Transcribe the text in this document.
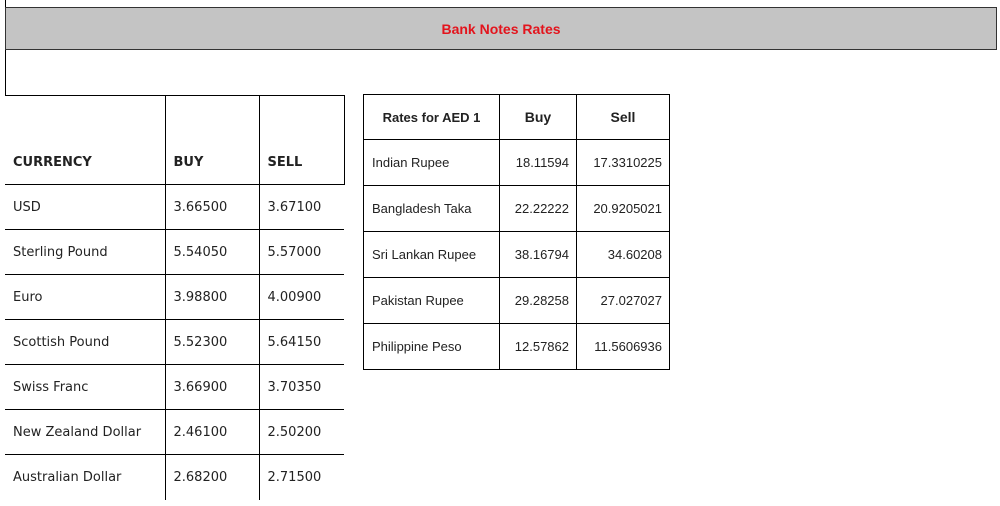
Bank Notes Rates
CURRENCY	BUY	SELL
USD	3.66500	3.67100
Sterling Pound	5.54050	5.57000
Euro	3.98800	4.00900
Scottish Pound	5.52300	5.64150
Swiss Franc	3.66900	3.70350
New Zealand Dollar	2.46100	2.50200
Australian Dollar	2.68200	2.71500
Rates for AED 1	Buy	Sell
Indian Rupee	18.11594	17.3310225
Bangladesh Taka	22.22222	20.9205021
Sri Lankan Rupee	38.16794	34.60208
Pakistan Rupee	29.28258	27.027027
Philippine Peso	12.57862	11.5606936
